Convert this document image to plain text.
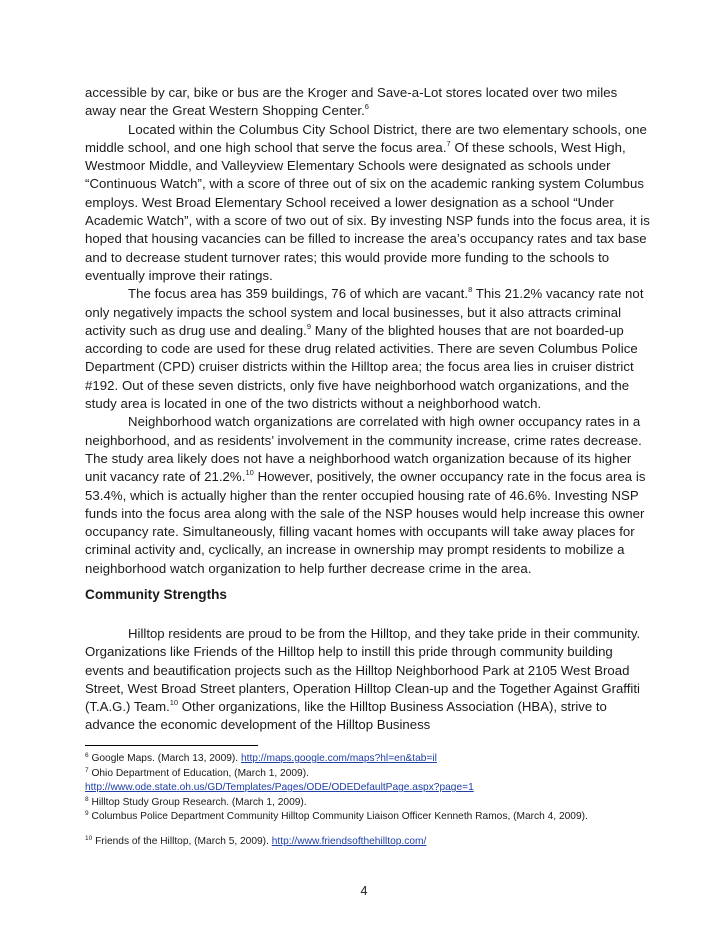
accessible by car, bike or bus are the Kroger and Save-a-Lot stores located over two miles away near the Great Western Shopping Center.$^6$

Located within the Columbus City School District, there are two elementary schools, one middle school, and one high school that serve the focus area.$^7$ Of these schools, West High, Westmoor Middle, and Valleyview Elementary Schools were designated as schools under “Continuous Watch”, with a score of three out of six on the academic ranking system Columbus employs. West Broad Elementary School received a lower designation as a school “Under Academic Watch”, with a score of two out of six. By investing NSP funds into the focus area, it is hoped that housing vacancies can be filled to increase the area’s occupancy rates and tax base and to decrease student turnover rates; this would provide more funding to the schools to eventually improve their ratings.

The focus area has 359 buildings, 76 of which are vacant.$^8$ This 21.2% vacancy rate not only negatively impacts the school system and local businesses, but it also attracts criminal activity such as drug use and dealing.$^9$ Many of the blighted houses that are not boarded-up according to code are used for these drug related activities. There are seven Columbus Police Department (CPD) cruiser districts within the Hilltop area; the focus area lies in cruiser district #192. Out of these seven districts, only five have neighborhood watch organizations, and the study area is located in one of the two districts without a neighborhood watch.

Neighborhood watch organizations are correlated with high owner occupancy rates in a neighborhood, and as residents’ involvement in the community increase, crime rates decrease. The study area likely does not have a neighborhood watch organization because of its higher unit vacancy rate of 21.2%.$^{10}$ However, positively, the owner occupancy rate in the focus area is 53.4%, which is actually higher than the renter occupied housing rate of 46.6%. Investing NSP funds into the focus area along with the sale of the NSP houses would help increase this owner occupancy rate. Simultaneously, filling vacant homes with occupants will take away places for criminal activity and, cyclically, an increase in ownership may prompt residents to mobilize a neighborhood watch organization to help further decrease crime in the area.

Community Strengths

Hilltop residents are proud to be from the Hilltop, and they take pride in their community. Organizations like Friends of the Hilltop help to instill this pride through community building events and beautification projects such as the Hilltop Neighborhood Park at 2105 West Broad Street, West Broad Street planters, Operation Hilltop Clean-up and the Together Against Graffiti (T.A.G.) Team.$^{10}$ Other organizations, like the Hilltop Business Association (HBA), strive to advance the economic development of the Hilltop Business

$^6$ Google Maps. (March 13, 2009). http://maps.google.com/maps?hl=en&tab=il

$^7$ Ohio Department of Education, (March 1, 2009).

http://www.ode.state.oh.us/GD/Templates/Pages/ODE/ODEDefaultPage.aspx?page=1

$^8$ Hilltop Study Group Research. (March 1, 2009).

$^9$ Columbus Police Department Community Hilltop Community Liaison Officer Kenneth Ramos, (March 4, 2009).

$^{10}$ Friends of the Hilltop, (March 5, 2009). http://www.friendsofthehilltop.com/

4
